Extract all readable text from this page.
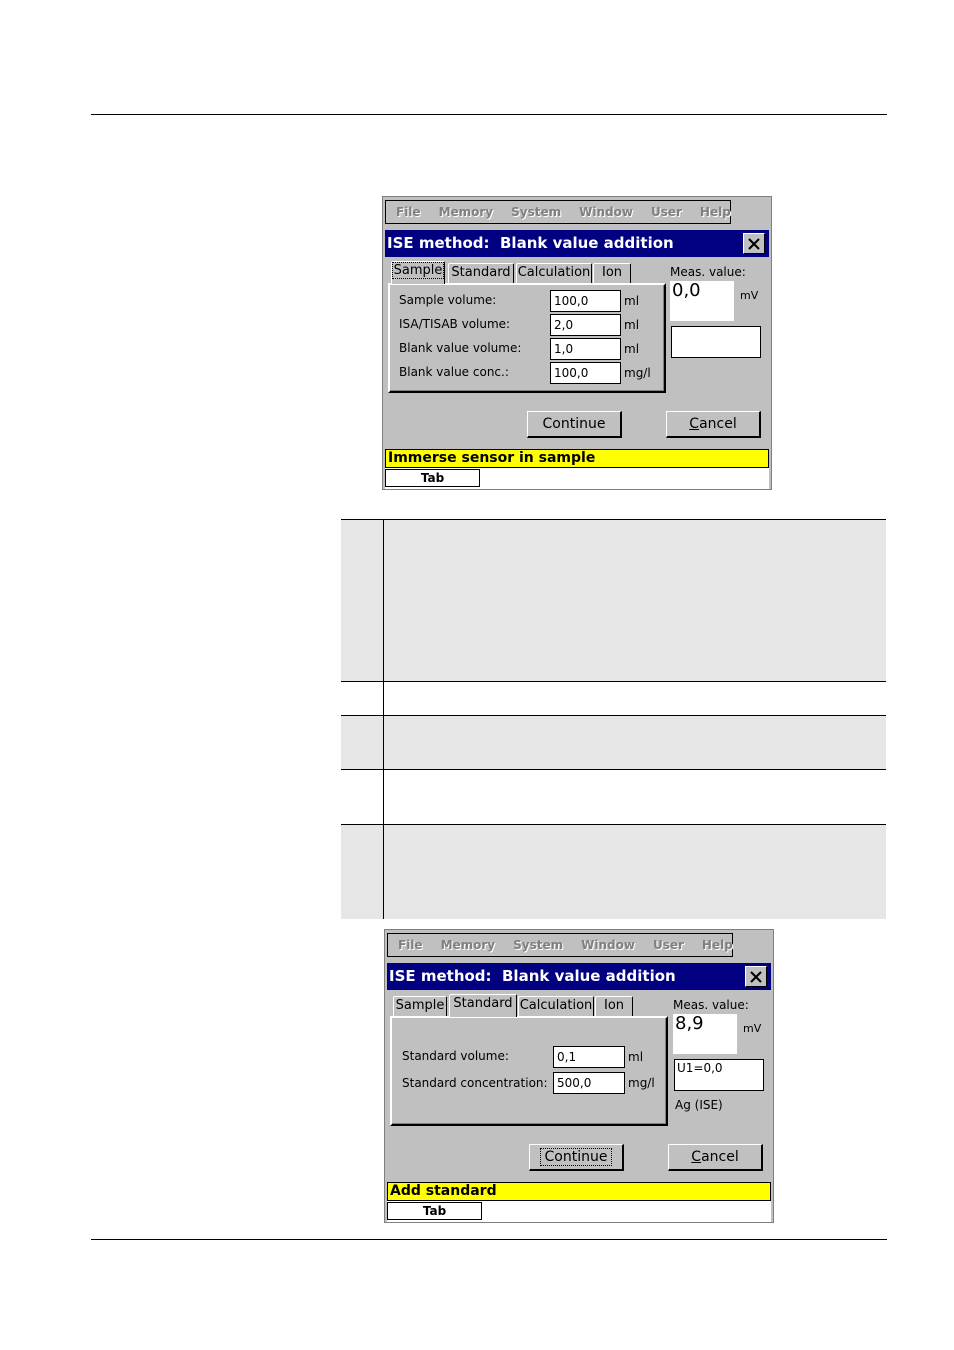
File Memory System Window User Help
ISE method:  Blank value addition
Sample Standard Calculation Ion
Sample volume:	100,0	ml
ISA/TISAB volume:	2,0	ml
Blank value volume:	1,0	ml
Blank value conc.:	100,0	mg/l
Meas. value:
0,0	mV
Continue	Cancel
Immerse sensor in sample
Tab
File Memory System Window User Help
ISE method:  Blank value addition
Sample Standard Calculation Ion
Standard volume:	0,1	ml
Standard concentration: 500,0	mg/l
Meas. value:
8,9	mV
U1=0,0
Ag (ISE)
Continue	Cancel
Add standard
Tab
